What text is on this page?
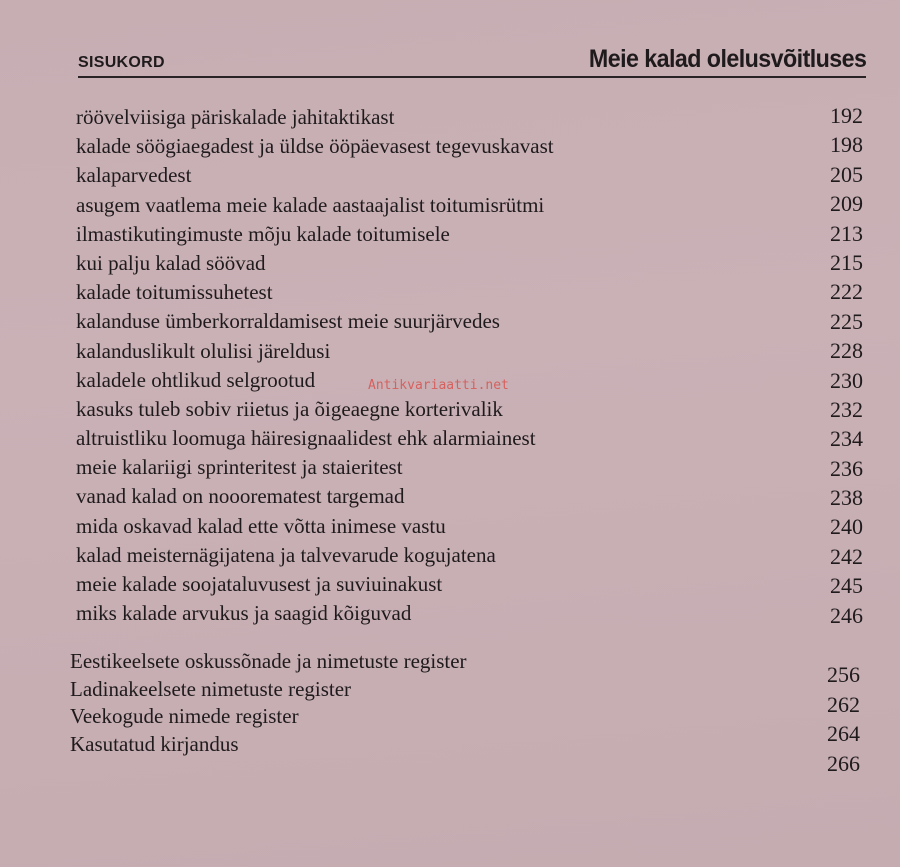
SISUKORD	Meie kalad olelusvõitluses
röövelviisiga päriskalade jahitaktikast
kalade söögiaegadest ja üldse ööpäevasest tegevuskavast
kalaparvedest
asugem vaatlema meie kalade aastaajalist toitumisrütmi
ilmastikutingimuste mõju kalade toitumisele
kui palju kalad söövad
kalade toitumissuhetest
kalanduse ümberkorraldamisest meie suurjärvedes
kalanduslikult olulisi järeldusi
kaladele ohtlikud selgrootud
kasuks tuleb sobiv riietus ja õigeaegne korterivalik
altruistliku loomuga häiresignaalidest ehk alarmiainest
meie kalariigi sprinteritest ja staieritest
vanad kalad on nooorematest targemad
mida oskavad kalad ette võtta inimese vastu
kalad meisternägijatena ja talvevarude kogujatena
meie kalade soojataluvusest ja suviuinakust
miks kalade arvukus ja saagid kõiguvad
192
198
205
209
213
215
222
225
228
230
232
234
236
238
240
242
245
246
Eestikeelsete oskussõnade ja nimetuste register
Ladinakeelsete nimetuste register
Veekogude nimede register
Kasutatud kirjandus
256
262
264
266
Antikvariaatti.net
